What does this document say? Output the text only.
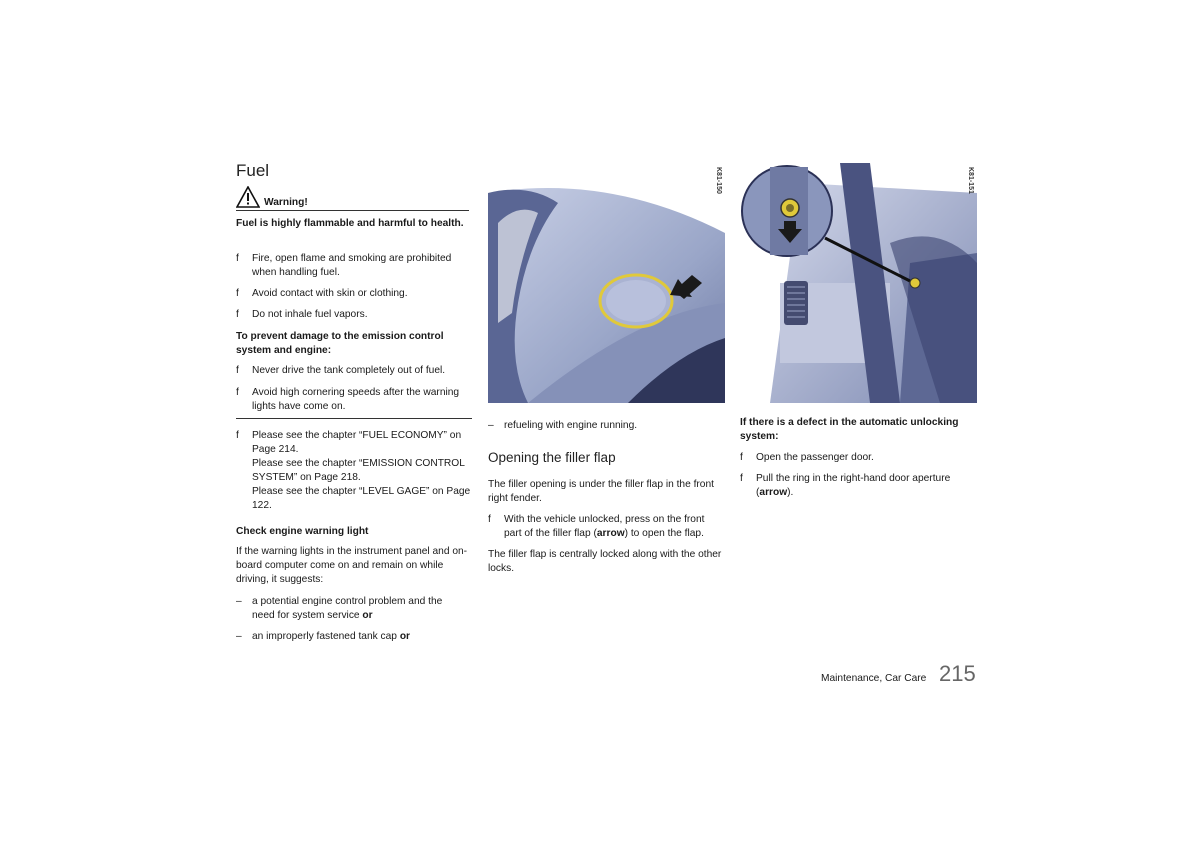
Fuel
Warning!
Fuel is highly flammable and harmful to health.
f Fire, open flame and smoking are prohibited when handling fuel.
f Avoid contact with skin or clothing.
f Do not inhale fuel vapors.
To prevent damage to the emission control system and engine:
f Never drive the tank completely out of fuel.
f Avoid high cornering speeds after the warning lights have come on.
f Please see the chapter “FUEL ECONOMY” on Page 214.
Please see the chapter “EMISSION CONTROL SYSTEM” on Page 218.
Please see the chapter “LEVEL GAGE” on Page 122.
Check engine warning light
If the warning lights in the instrument panel and on-board computer come on and remain on while driving, it suggests:
– a potential engine control problem and the need for system service or
– an improperly fastened tank cap or
K81-150
– refueling with engine running.
Opening the filler flap
The filler opening is under the filler flap in the front right fender.
f With the vehicle unlocked, press on the front part of the filler flap (arrow) to open the flap.
The filler flap is centrally locked along with the other locks.
K81-151
If there is a defect in the automatic unlocking system:
f Open the passenger door.
f Pull the ring in the right-hand door aperture (arrow).
Maintenance, Car Care 215
